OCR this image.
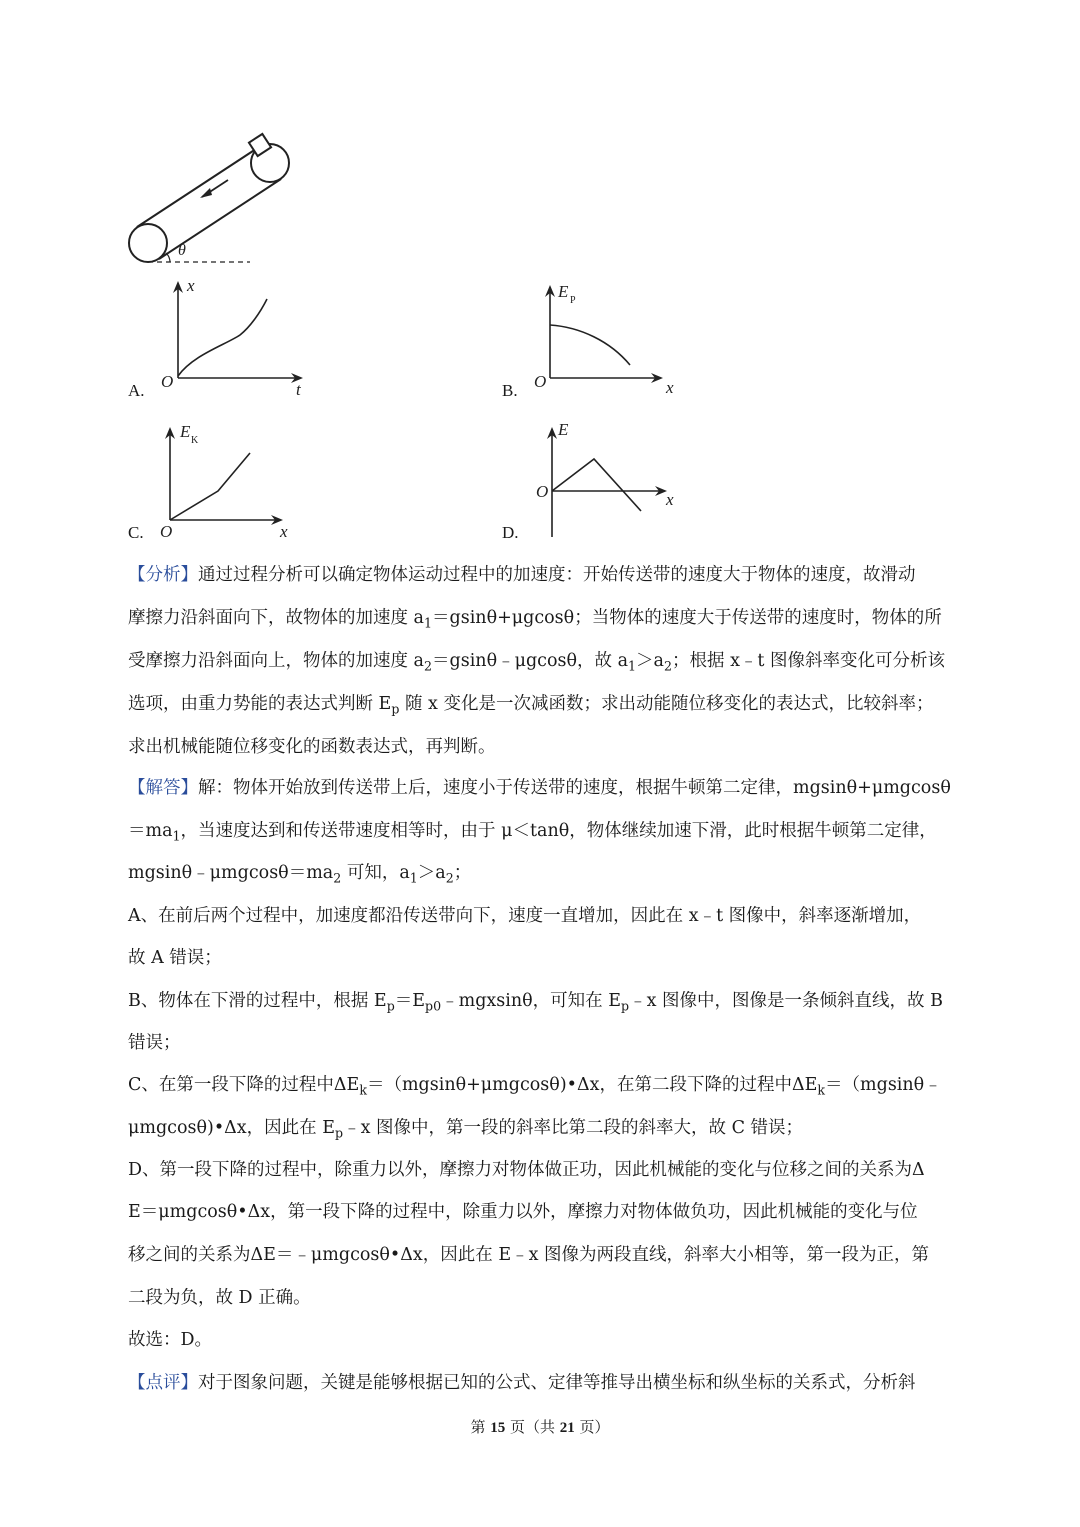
θ
A.
x
t
O	B.
E P
x
O
C.
E K
x
O	D.
E
x
O
【分析】通过过程分析可以确定物体运动过程中的加速度：开始传送带的速度大于物体的速度，故滑动
摩擦力沿斜面向下，故物体的加速度 $a_1=gsin\theta+\mu gcos\theta$；当物体的速度大于传送带的速度时，物体的所
受摩擦力沿斜面向上，物体的加速度 $a_2=gsin\theta﹣\mu gcos\theta$，故 $a_1>a_2$；根据 x﹣t 图像斜率变化可分析该
选项，由重力势能的表达式判断 $E_p$ 随 x 变化是一次减函数；求出动能随位移变化的表达式，比较斜率；
求出机械能随位移变化的函数表达式，再判断。
【解答】解：物体开始放到传送带上后，速度小于传送带的速度，根据牛顿第二定律，mgsinθ+μmgcosθ
$=ma_1$，当速度达到和传送带速度相等时，由于 μ＜tanθ，物体继续加速下滑，此时根据牛顿第二定律，
$mgsin\theta﹣\mu mgcos\theta=ma_2$ 可知，$a_1>a_2$；
A、在前后两个过程中，加速度都沿传送带向下，速度一直增加，因此在 x﹣t 图像中，斜率逐渐增加，
故 A 错误；
B、物体在下滑的过程中，根据 $E_p=E_{p0}﹣mgxsin\theta$，可知在 $E_p﹣x$ 图像中，图像是一条倾斜直线，故 B
错误；
C、在第一段下降的过程中$\Delta E_k=(mgsin\theta+\mu mgcos\theta)•\Delta x$，在第二段下降的过程中$\Delta E_k=(mgsin\theta﹣$
μmgcosθ)•Δx，因此在 $E_p﹣x$ 图像中，第一段的斜率比第二段的斜率大，故 C 错误；
D、第一段下降的过程中，除重力以外，摩擦力对物体做正功，因此机械能的变化与位移之间的关系为Δ
E＝μmgcosθ•Δx，第一段下降的过程中，除重力以外，摩擦力对物体做负功，因此机械能的变化与位
移之间的关系为ΔE＝﹣μmgcosθ•Δx，因此在 E﹣x 图像为两段直线，斜率大小相等，第一段为正，第
二段为负，故 D 正确。
故选：D。
【点评】对于图象问题，关键是能够根据已知的公式、定律等推导出横坐标和纵坐标的关系式，分析斜
第 15 页（共 21 页）
